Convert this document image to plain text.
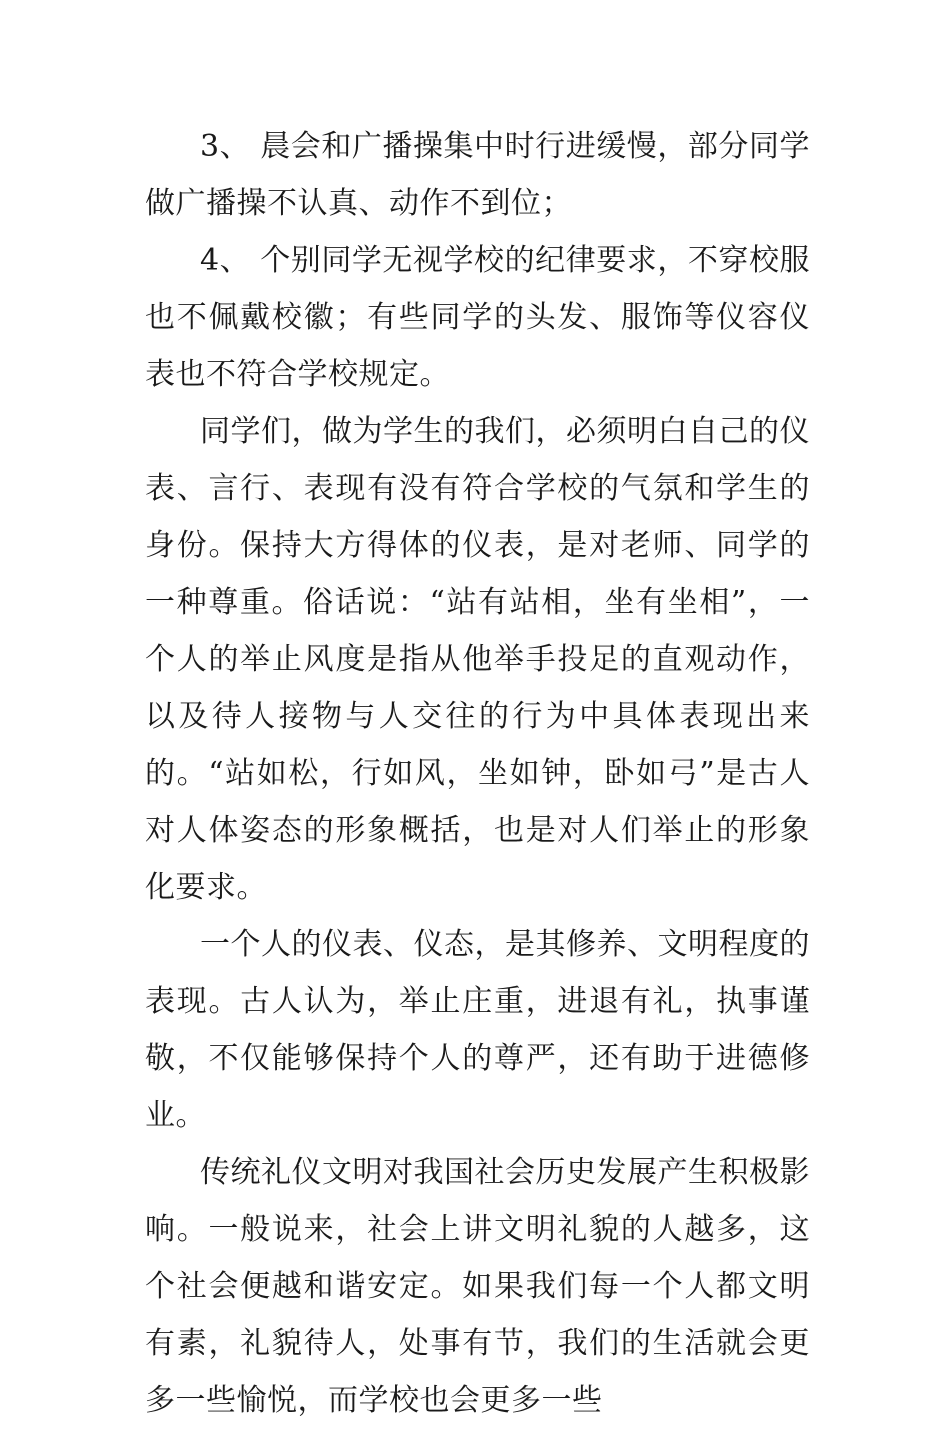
3、 晨会和广播操集中时行进缓慢，部分同学做广播操不认真、动作不到位；

4、 个别同学无视学校的纪律要求，不穿校服也不佩戴校徽；有些同学的头发、服饰等仪容仪表也不符合学校规定。

同学们，做为学生的我们，必须明白自己的仪表、言行、表现有没有符合学校的气氛和学生的身份。保持大方得体的仪表，是对老师、同学的一种尊重。俗话说：“站有站相，坐有坐相”，一个人的举止风度是指从他举手投足的直观动作，以及待人接物与人交往的行为中具体表现出来的。“站如松，行如风，坐如钟，卧如弓”是古人对人体姿态的形象概括，也是对人们举止的形象化要求。

一个人的仪表、仪态，是其修养、文明程度的表现。古人认为，举止庄重，进退有礼，执事谨敬，不仅能够保持个人的尊严，还有助于进德修业。

传统礼仪文明对我国社会历史发展产生积极影响。一般说来，社会上讲文明礼貌的人越多，这个社会便越和谐安定。如果我们每一个人都文明有素，礼貌待人，处事有节，我们的生活就会更多一些愉悦，而学校也会更多一些
